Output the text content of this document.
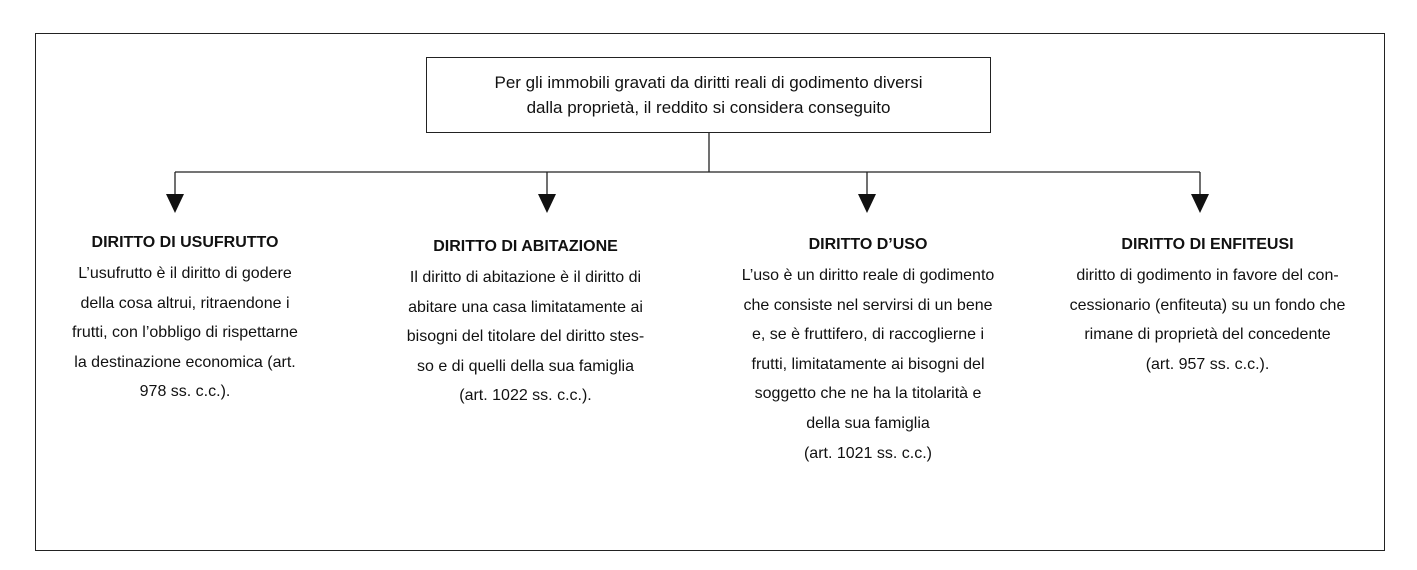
Per gli immobili gravati da diritti reali di godimento diversi
dalla proprietà, il reddito si considera conseguito
DIRITTO DI USUFRUTTO
L’usufrutto è il diritto di godere
della cosa altrui, ritraendone i
frutti, con l’obbligo di rispettarne
la destinazione economica (art.
978 ss. c.c.).
DIRITTO DI ABITAZIONE
Il diritto di abitazione è il diritto di
abitare una casa limitatamente ai
bisogni del titolare del diritto stes-
so e di quelli della sua famiglia
(art. 1022 ss. c.c.).
DIRITTO D’USO
L’uso è un diritto reale di godimento
che consiste nel servirsi di un bene
e, se è fruttifero, di raccoglierne i
frutti, limitatamente ai bisogni del
soggetto che ne ha la titolarità e
della sua famiglia
(art. 1021 ss. c.c.)
DIRITTO DI ENFITEUSI
diritto di godimento in favore del con-
cessionario (enfiteuta) su un fondo che
rimane di proprietà del concedente
(art. 957 ss. c.c.).
